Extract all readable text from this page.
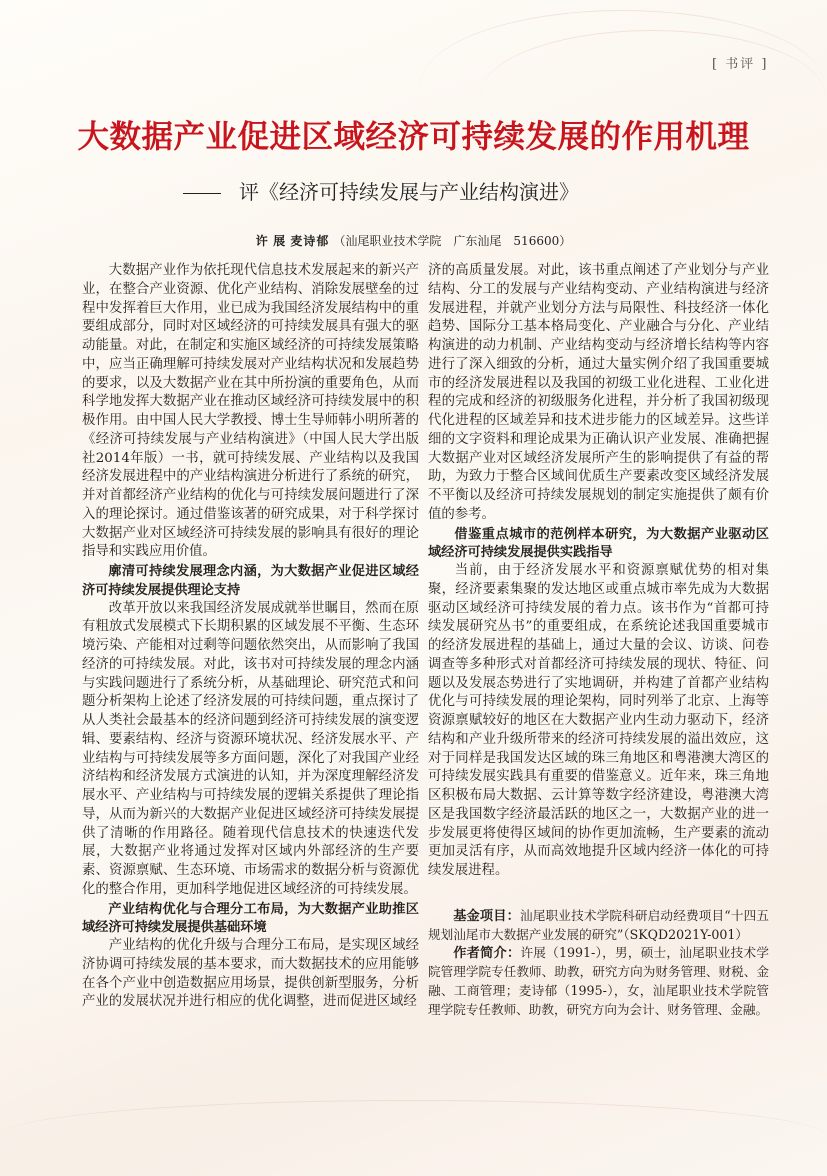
[ 书评 ]
大数据产业促进区域经济可持续发展的作用机理
评《经济可持续发展与产业结构演进》
许 展 麦诗郁 （汕尾职业技术学院　广东汕尾　516600）

大数据产业作为依托现代信息技术发展起来的新兴产业，在整合产业资源、优化产业结构、消除发展壁垒的过程中发挥着巨大作用，业已成为我国经济发展结构中的重要组成部分，同时对区域经济的可持续发展具有强大的驱动能量。对此，在制定和实施区域经济的可持续发展策略中，应当正确理解可持续发展对产业结构状况和发展趋势的要求，以及大数据产业在其中所扮演的重要角色，从而科学地发挥大数据产业在推动区域经济可持续发展中的积极作用。由中国人民大学教授、博士生导师韩小明所著的《经济可持续发展与产业结构演进》（中国人民大学出版社2014年版）一书，就可持续发展、产业结构以及我国经济发展进程中的产业结构演进分析进行了系统的研究，并对首都经济产业结构的优化与可持续发展问题进行了深入的理论探讨。通过借鉴该著的研究成果，对于科学探讨大数据产业对区域经济可持续发展的影响具有很好的理论指导和实践应用价值。

廓清可持续发展理念内涵，为大数据产业促进区域经济可持续发展提供理论支持

改革开放以来我国经济发展成就举世瞩目，然而在原有粗放式发展模式下长期积累的区域发展不平衡、生态环境污染、产能相对过剩等问题依然突出，从而影响了我国经济的可持续发展。对此，该书对可持续发展的理念内涵与实践问题进行了系统分析，从基础理论、研究范式和问题分析架构上论述了经济发展的可持续问题，重点探讨了从人类社会最基本的经济问题到经济可持续发展的演变逻辑、要素结构、经济与资源环境状况、经济发展水平、产业结构与可持续发展等多方面问题，深化了对我国产业经济结构和经济发展方式演进的认知，并为深度理解经济发展水平、产业结构与可持续发展的逻辑关系提供了理论指导，从而为新兴的大数据产业促进区域经济可持续发展提供了清晰的作用路径。随着现代信息技术的快速迭代发展，大数据产业将通过发挥对区域内外部经济的生产要素、资源禀赋、生态环境、市场需求的数据分析与资源优化的整合作用，更加科学地促进区域经济的可持续发展。

产业结构优化与合理分工布局，为大数据产业助推区域经济可持续发展提供基础环境

产业结构的优化升级与合理分工布局，是实现区域经济协调可持续发展的基本要求，而大数据技术的应用能够在各个产业中创造数据应用场景，提供创新型服务，分析产业的发展状况并进行相应的优化调整，进而促进区域经

济的高质量发展。对此，该书重点阐述了产业划分与产业结构、分工的发展与产业结构变动、产业结构演进与经济发展进程，并就产业划分方法与局限性、科技经济一体化趋势、国际分工基本格局变化、产业融合与分化、产业结构演进的动力机制、产业结构变动与经济增长结构等内容进行了深入细致的分析，通过大量实例介绍了我国重要城市的经济发展进程以及我国的初级工业化进程、工业化进程的完成和经济的初级服务化进程，并分析了我国初级现代化进程的区域差异和技术进步能力的区域差异。这些详细的文字资料和理论成果为正确认识产业发展、准确把握大数据产业对区域经济发展所产生的影响提供了有益的帮助，为致力于整合区域间优质生产要素改变区域经济发展不平衡以及经济可持续发展规划的制定实施提供了颇有价值的参考。

借鉴重点城市的范例样本研究，为大数据产业驱动区域经济可持续发展提供实践指导

当前，由于经济发展水平和资源禀赋优势的相对集聚，经济要素集聚的发达地区或重点城市率先成为大数据驱动区域经济可持续发展的着力点。该书作为“首都可持续发展研究丛书”的重要组成，在系统论述我国重要城市的经济发展进程的基础上，通过大量的会议、访谈、问卷调查等多种形式对首都经济可持续发展的现状、特征、问题以及发展态势进行了实地调研，并构建了首都产业结构优化与可持续发展的理论架构，同时列举了北京、上海等资源禀赋较好的地区在大数据产业内生动力驱动下，经济结构和产业升级所带来的经济可持续发展的溢出效应，这对于同样是我国发达区域的珠三角地区和粤港澳大湾区的可持续发展实践具有重要的借鉴意义。近年来，珠三角地区积极布局大数据、云计算等数字经济建设，粤港澳大湾区是我国数字经济最活跃的地区之一，大数据产业的进一步发展更将使得区域间的协作更加流畅，生产要素的流动更加灵活有序，从而高效地提升区域内经济一体化的可持续发展进程。

基金项目：汕尾职业技术学院科研启动经费项目“十四五规划汕尾市大数据产业发展的研究”（SKQD2021Y-001）

作者简介：许展（1991-），男，硕士，汕尾职业技术学院管理学院专任教师、助教，研究方向为财务管理、财税、金融、工商管理；麦诗郁（1995-），女，汕尾职业技术学院管理学院专任教师、助教，研究方向为会计、财务管理、金融。
